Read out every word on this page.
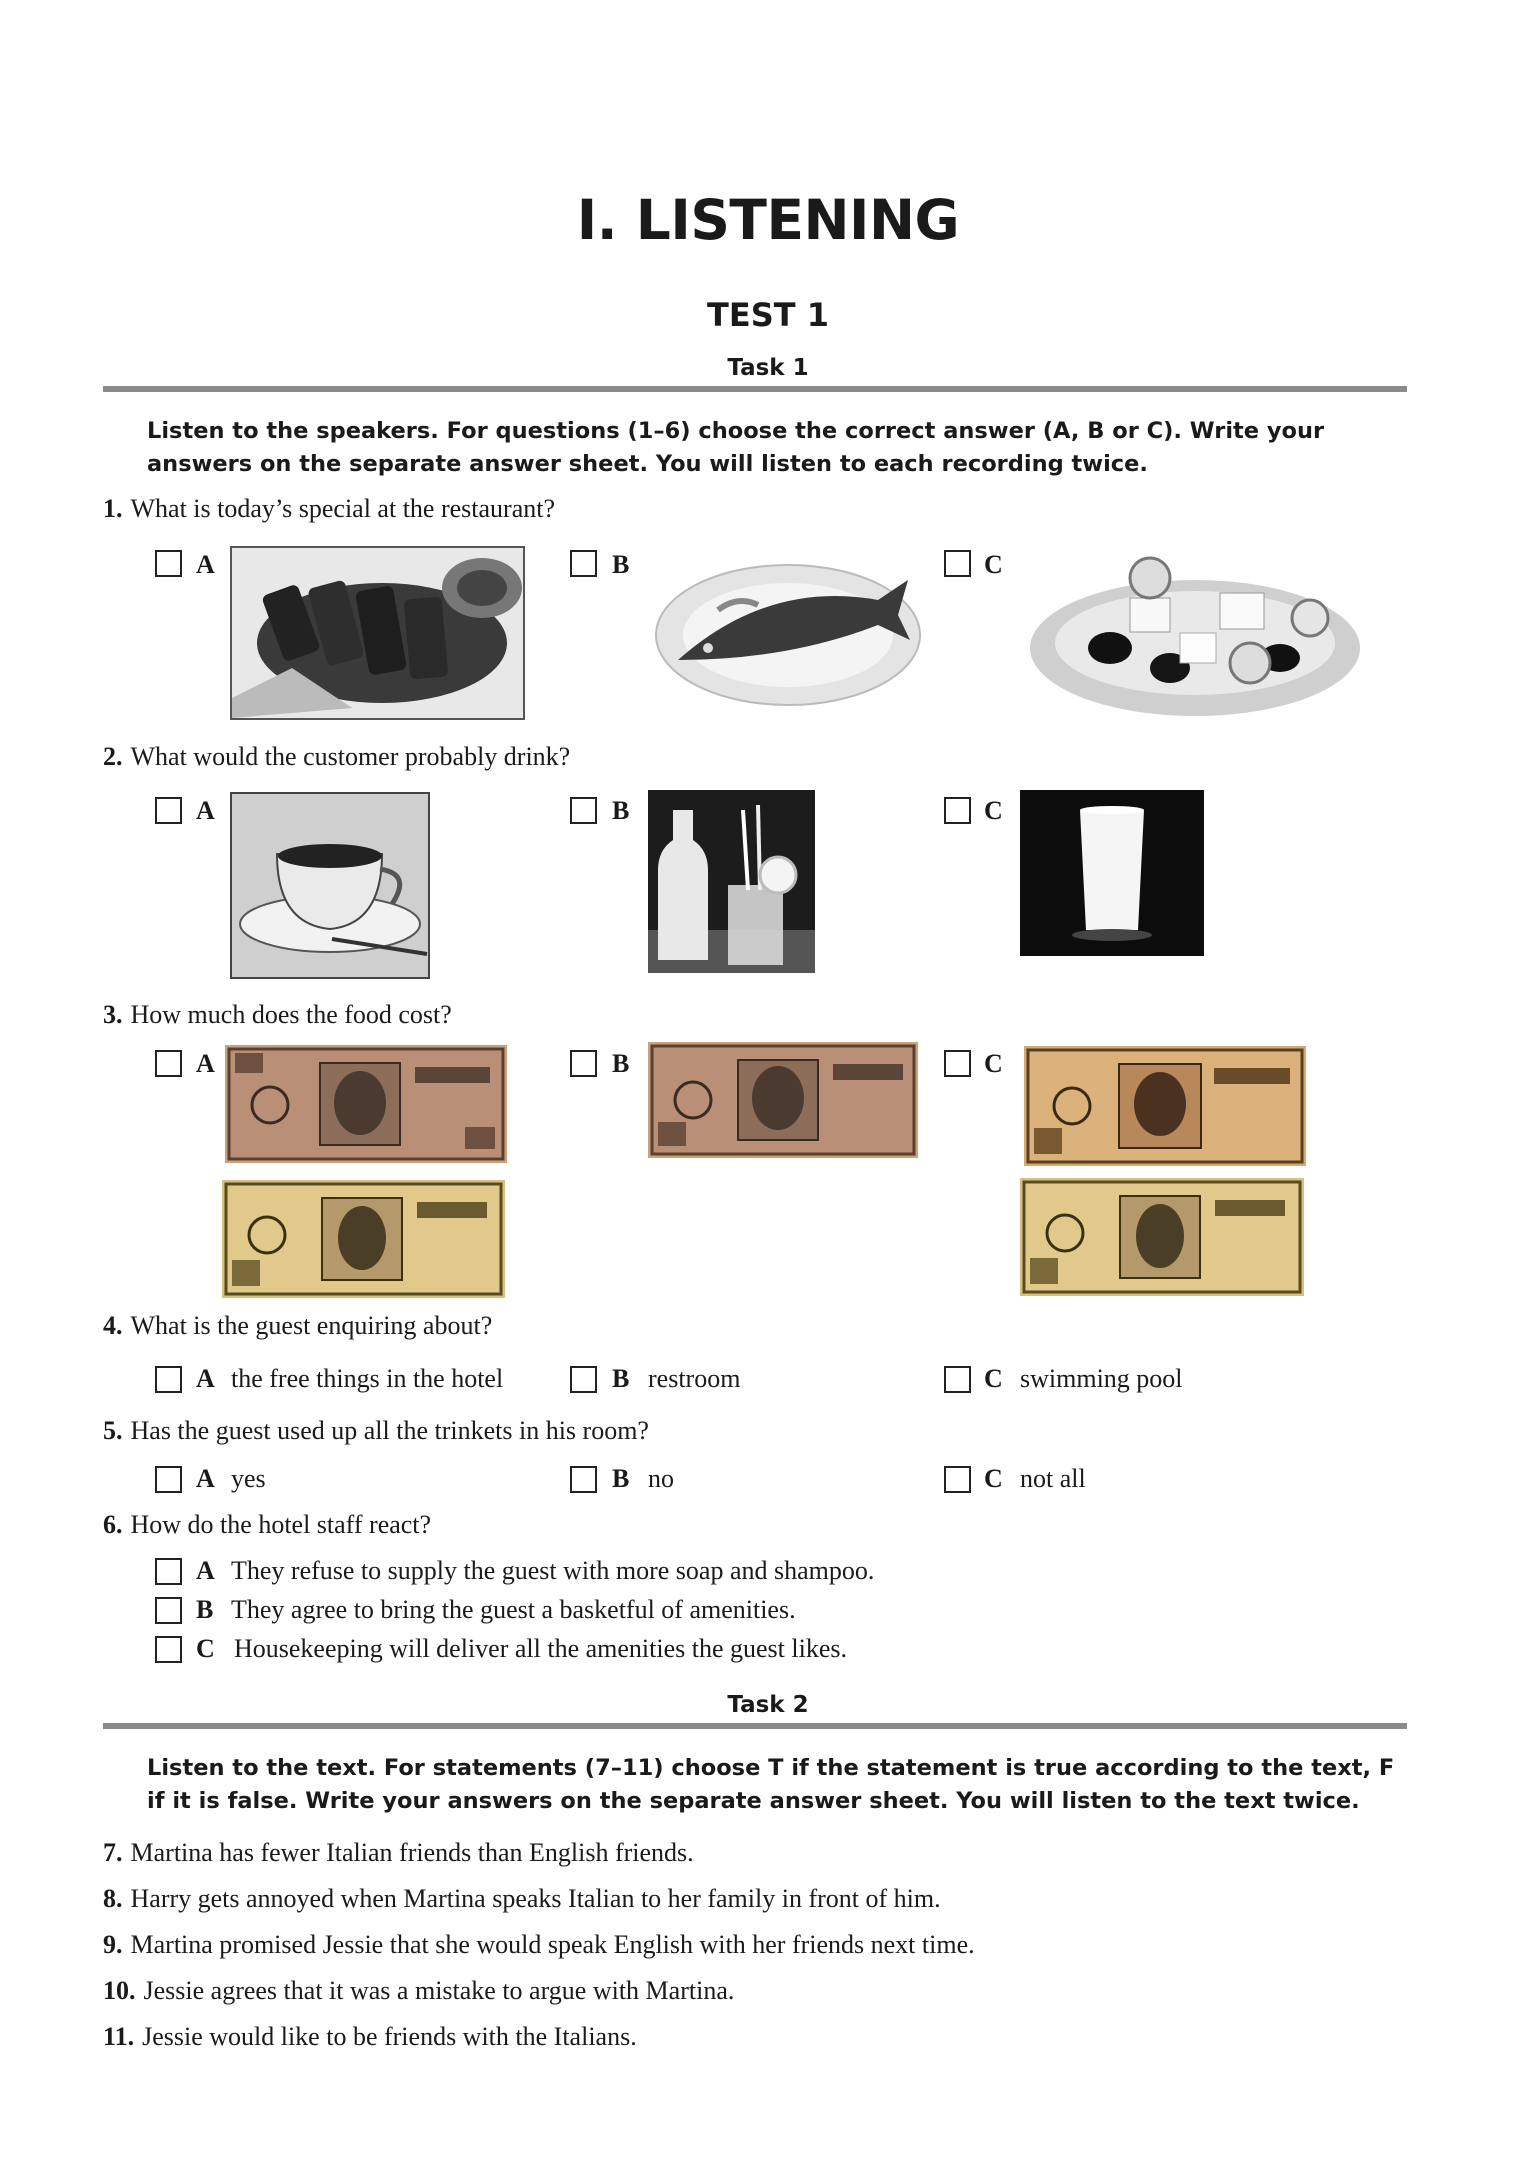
I. LISTENING
TEST 1
Task 1
Listen to the speakers. For questions (1–6) choose the correct answer (A, B or C). Write your answers on the separate answer sheet. You will listen to each recording twice.
1. What is today’s special at the restaurant?
A	B	C
2. What would the customer probably drink?
A	B	C
3. How much does the food cost?
A	B	C
4. What is the guest enquiring about?
A the free things in the hotel	B restroom	C swimming pool
5. Has the guest used up all the trinkets in his room?
A yes	B no	C not all
6. How do the hotel staff react?
A They refuse to supply the guest with more soap and shampoo.
B They agree to bring the guest a basketful of amenities.
C Housekeeping will deliver all the amenities the guest likes.
Task 2
Listen to the text. For statements (7–11) choose T if the statement is true according to the text, F if it is false. Write your answers on the separate answer sheet. You will listen to the text twice.
7. Martina has fewer Italian friends than English friends.
8. Harry gets annoyed when Martina speaks Italian to her family in front of him.
9. Martina promised Jessie that she would speak English with her friends next time.
10. Jessie agrees that it was a mistake to argue with Martina.
11. Jessie would like to be friends with the Italians.
